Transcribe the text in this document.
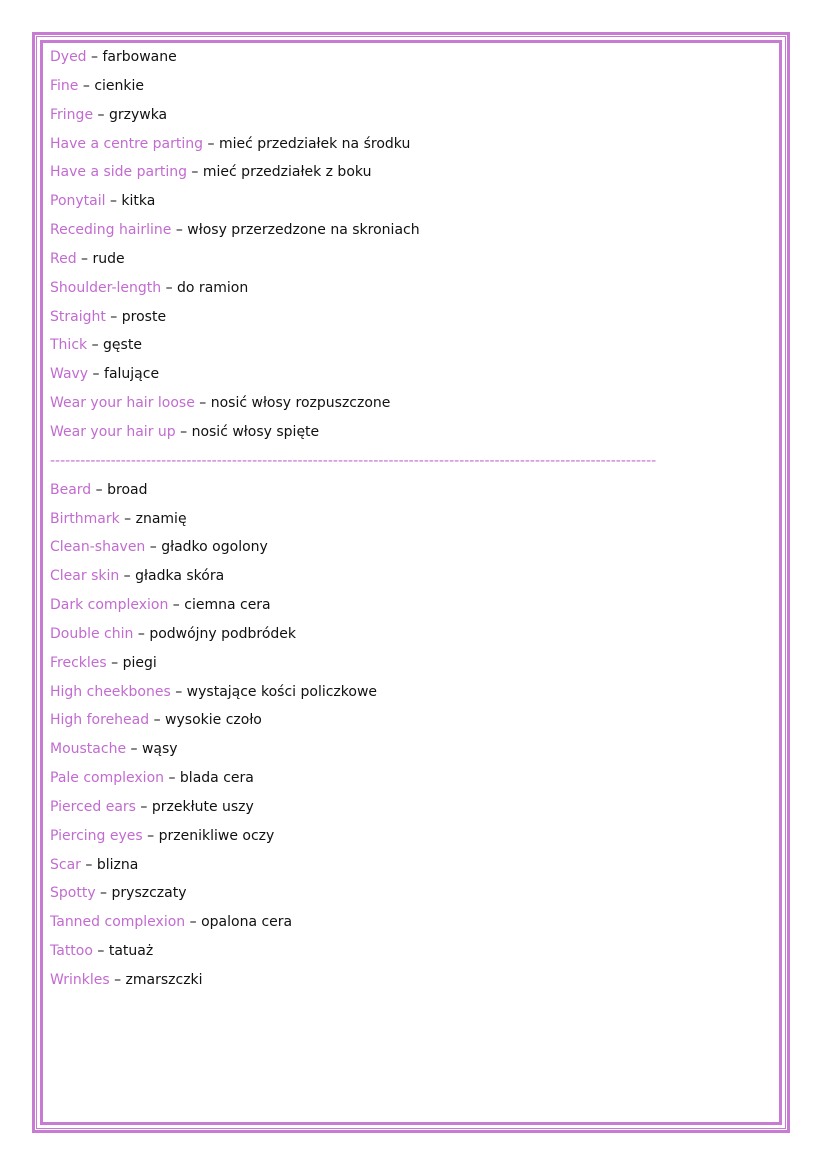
Dyed – farbowane
Fine – cienkie
Fringe – grzywka
Have a centre parting – mieć przedziałek na środku
Have a side parting – mieć przedziałek z boku
Ponytail – kitka
Receding hairline – włosy przerzedzone na skroniach
Red – rude
Shoulder-length – do ramion
Straight – proste
Thick – gęste
Wavy – falujące
Wear your hair loose – nosić włosy rozpuszczone
Wear your hair up – nosić włosy spięte
------------------------------------------------------------------------------------------------------------------------
Beard – broad
Birthmark – znamię
Clean-shaven – gładko ogolony
Clear skin – gładka skóra
Dark complexion – ciemna cera
Double chin – podwójny podbródek
Freckles – piegi
High cheekbones – wystające kości policzkowe
High forehead – wysokie czoło
Moustache – wąsy
Pale complexion – blada cera
Pierced ears – przekłute uszy
Piercing eyes – przenikliwe oczy
Scar – blizna
Spotty – pryszczaty
Tanned complexion – opalona cera
Tattoo – tatuaż
Wrinkles – zmarszczki
